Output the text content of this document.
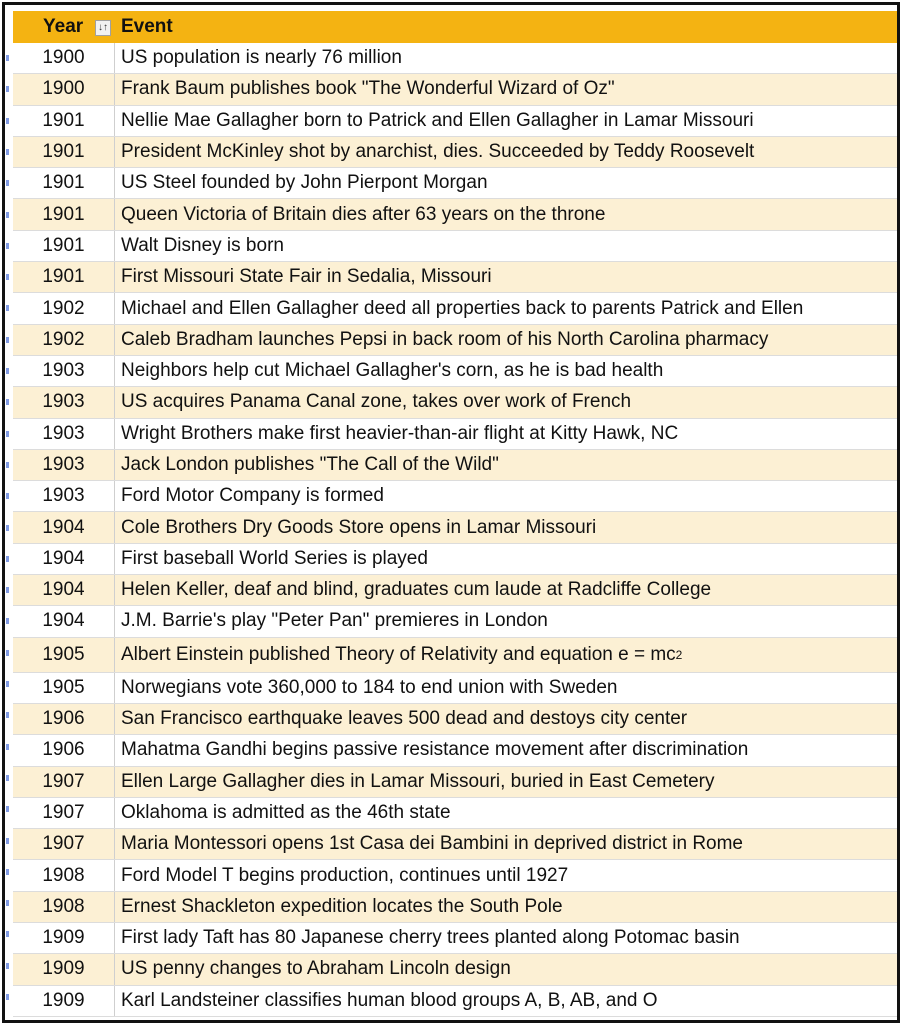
Year	↓↑ Event
1900	US population is nearly 76 million
1900	Frank Baum publishes book "The Wonderful Wizard of Oz"
1901	Nellie Mae Gallagher born to Patrick and Ellen Gallagher in Lamar Missouri
1901	President McKinley shot by anarchist, dies. Succeeded by Teddy Roosevelt
1901	US Steel founded by John Pierpont Morgan
1901	Queen Victoria of Britain dies after 63 years on the throne
1901	Walt Disney is born
1901	First Missouri State Fair in Sedalia, Missouri
1902	Michael and Ellen Gallagher deed all properties back to parents Patrick and Ellen
1902	Caleb Bradham launches Pepsi in back room of his North Carolina pharmacy
1903	Neighbors help cut Michael Gallagher's corn, as he is bad health
1903	US acquires Panama Canal zone, takes over work of French
1903	Wright Brothers make first heavier-than-air flight at Kitty Hawk, NC
1903	Jack London publishes "The Call of the Wild"
1903	Ford Motor Company is formed
1904	Cole Brothers Dry Goods Store opens in Lamar Missouri
1904	First baseball World Series is played
1904	Helen Keller, deaf and blind, graduates cum laude at Radcliffe College
1904	J.M. Barrie's play "Peter Pan" premieres in London
1905	Albert Einstein published Theory of Relativity and equation e = mc 2
1905	Norwegians vote 360,000 to 184 to end union with Sweden
1906	San Francisco earthquake leaves 500 dead and destoys city center
1906	Mahatma Gandhi begins passive resistance movement after discrimination
1907	Ellen Large Gallagher dies in Lamar Missouri, buried in East Cemetery
1907	Oklahoma is admitted as the 46th state
1907	Maria Montessori opens 1st Casa dei Bambini in deprived district in Rome
1908	Ford Model T begins production, continues until 1927
1908	Ernest Shackleton expedition locates the South Pole
1909	First lady Taft has 80 Japanese cherry trees planted along Potomac basin
1909	US penny changes to Abraham Lincoln design
1909	Karl Landsteiner classifies human blood groups A, B, AB, and O
